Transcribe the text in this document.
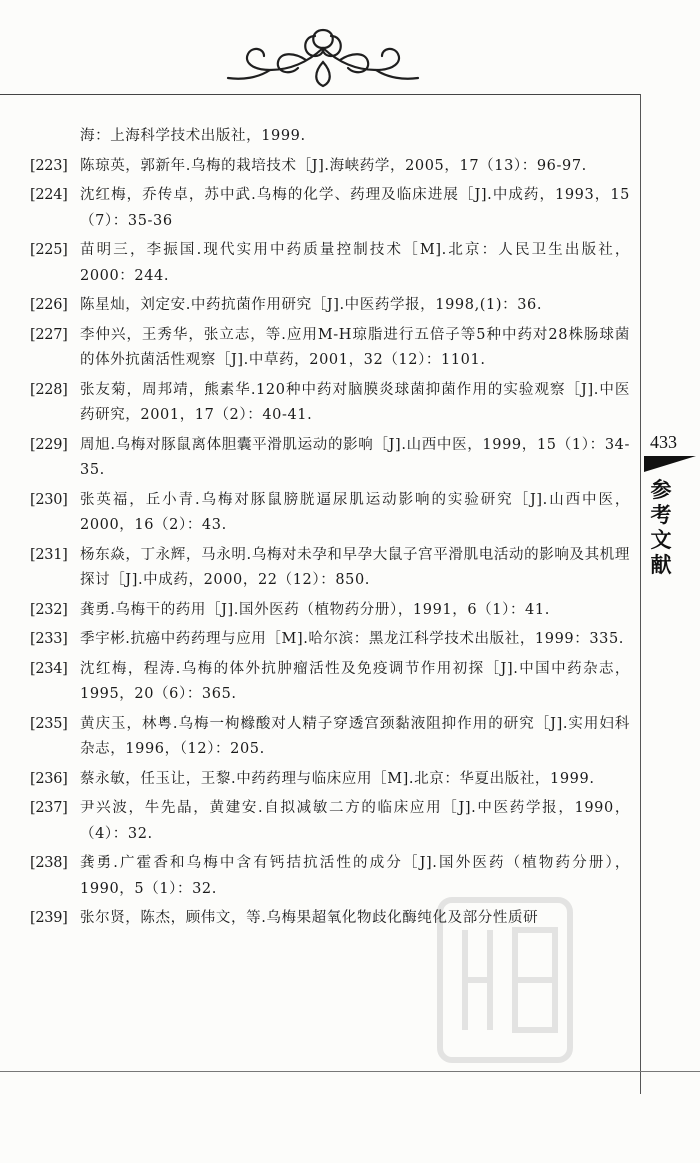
433
参
考
文
献
海：上海科学技术出版社，1999.
[223] 陈琼英，郭新年.乌梅的栽培技术［J].海峡药学，2005，17（13）：96-97.
[224] 沈红梅，乔传卓，苏中武.乌梅的化学、药理及临床进展［J].中成药，1993，15（7）：35-36
[225] 苗明三，李振国.现代实用中药质量控制技术［M].北京：人民卫生出版社，2000：244.
[226] 陈星灿，刘定安.中药抗菌作用研究［J].中医药学报，1998,(1)：36.
[227] 李仲兴，王秀华，张立志，等.应用M-H琼脂进行五倍子等5种中药对28株肠球菌的体外抗菌活性观察［J].中草药，2001，32（12）：1101.
[228] 张友菊，周邦靖，熊素华.120种中药对脑膜炎球菌抑菌作用的实验观察［J].中医药研究，2001，17（2）：40-41.
[229] 周旭.乌梅对豚鼠离体胆囊平滑肌运动的影响［J].山西中医，1999，15（1）：34-35.
[230] 张英福，丘小青.乌梅对豚鼠膀胱逼尿肌运动影响的实验研究［J].山西中医，2000，16（2）：43.
[231] 杨东焱，丁永辉，马永明.乌梅对未孕和早孕大鼠子宫平滑肌电活动的影响及其机理探讨［J].中成药，2000，22（12）：850.
[232] 龚勇.乌梅干的药用［J].国外医药（植物药分册），1991，6（1）：41.
[233] 季宇彬.抗癌中药药理与应用［M].哈尔滨：黑龙江科学技术出版社，1999：335.
[234] 沈红梅，程涛.乌梅的体外抗肿瘤活性及免疫调节作用初探［J].中国中药杂志，1995，20（6）：365.
[235] 黄庆玉，林粤.乌梅一枸橼酸对人精子穿透宫颈黏液阻抑作用的研究［J].实用妇科杂志，1996，（12）：205.
[236] 蔡永敏，任玉让，王黎.中药药理与临床应用［M].北京：华夏出版社，1999.
[237] 尹兴波，牛先晶，黄建安.自拟减敏二方的临床应用［J].中医药学报，1990，（4）：32.
[238] 龚勇.广霍香和乌梅中含有钙拮抗活性的成分［J].国外医药（植物药分册），1990，5（1）：32.
[239] 张尔贤，陈杰，顾伟文，等.乌梅果超氧化物歧化酶纯化及部分性质研
